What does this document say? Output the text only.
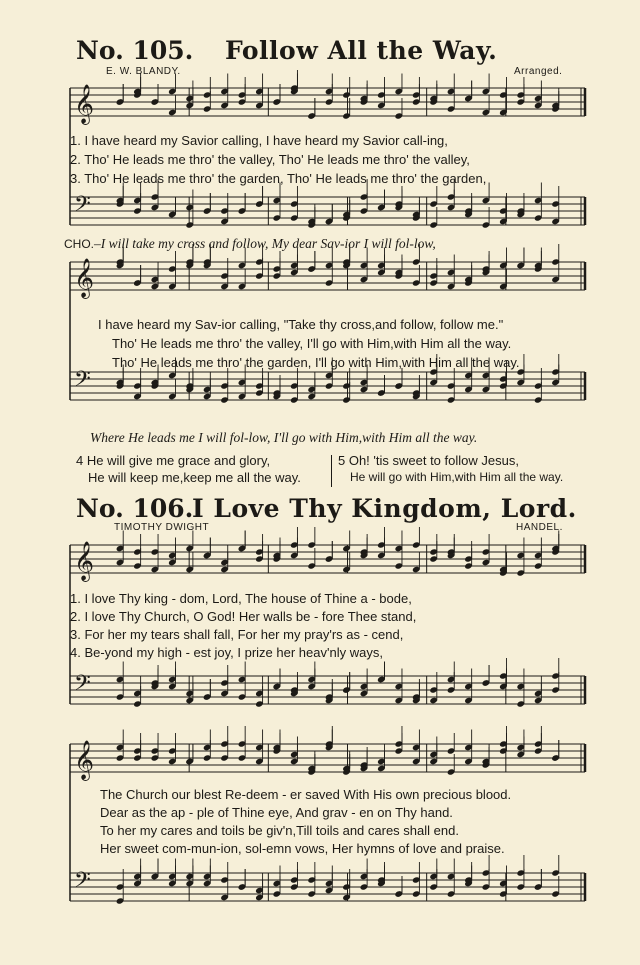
𝄞
𝄢
𝄞
𝄢
𝄞
𝄢
𝄞
𝄢
No. 105. Follow All the Way.
E. W. BLANDY.	Arranged.
1. I have heard my Savior calling, I have heard my Savior call-ing,
2. Tho' He leads me thro' the valley, Tho' He leads me thro' the valley,
3. Tho' He leads me thro' the garden, Tho' He leads me thro' the garden,
CHO.–I will take my cross and follow, My dear Sav-ior I will fol-low,
I have heard my Sav-ior calling, "Take thy cross,and follow, follow me."
Tho' He leads me thro' the valley, I'll go with Him,with Him all the way.
Tho' He leads me thro' the garden, I'll go with Him,with Him all the way.
Where He leads me I will fol-low, I'll go with Him,with Him all the way.
4 He will give me grace and glory,
He will keep me,keep me all the way.
5 Oh! 'tis sweet to follow Jesus,
He will go with Him,with Him all the way.
No. 106.
I Love Thy Kingdom, Lord.
TIMOTHY DWIGHT	HANDEL.
1. I love Thy king - dom, Lord, The house of Thine a - bode,
2. I love Thy Church, O God! Her walls be - fore Thee stand,
3. For her my tears shall fall, For her my pray'rs as - cend,
4. Be-yond my high - est joy, I prize her heav'nly ways,
The Church our blest Re-deem - er saved With His own precious blood.
Dear as the ap - ple of Thine eye, And grav - en on Thy hand.
To her my cares and toils be giv'n,Till toils and cares shall end.
Her sweet com-mun-ion, sol-emn vows, Her hymns of love and praise.
